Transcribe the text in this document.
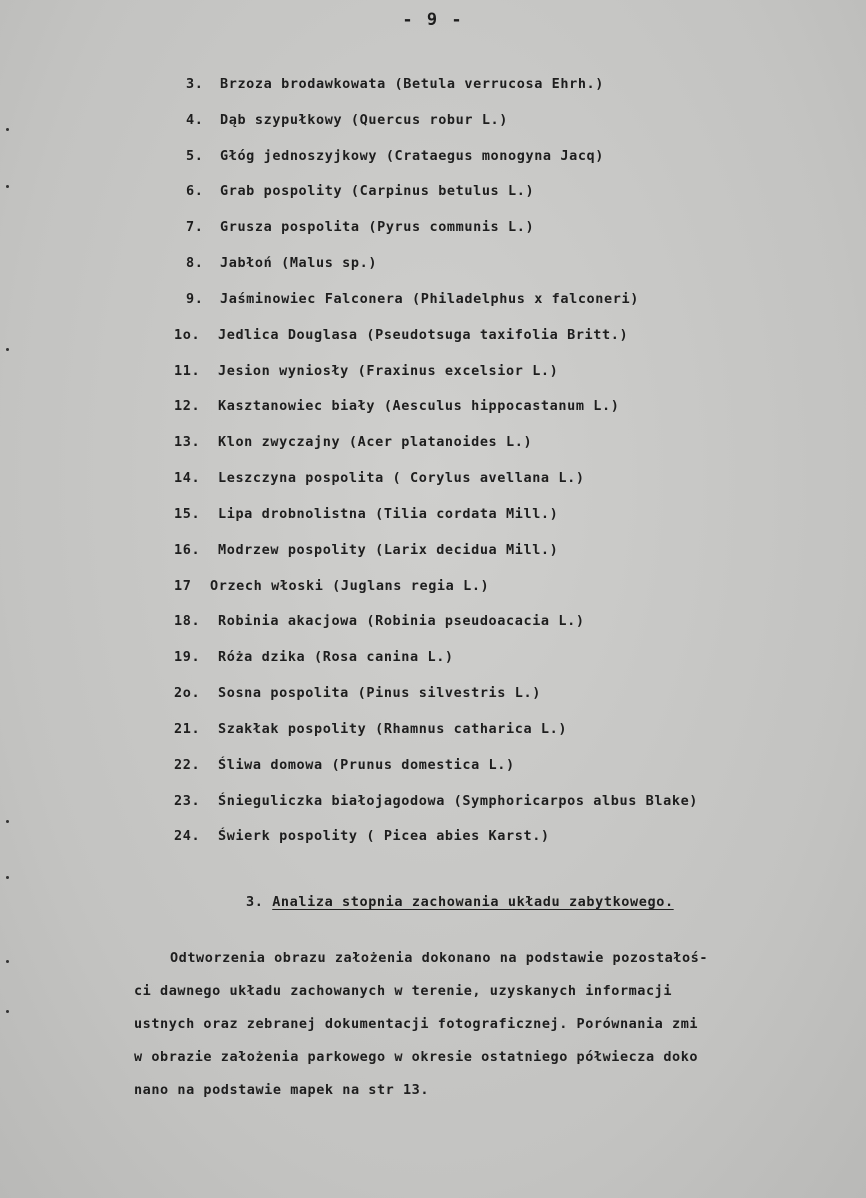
- 9 -
3. Brzoza brodawkowata (Betula verrucosa Ehrh.)
4. Dąb szypułkowy (Quercus robur L.)
5. Głóg jednoszyjkowy (Crataegus monogyna Jacq)
6. Grab pospolity (Carpinus betulus L.)
7. Grusza pospolita (Pyrus communis L.)
8. Jabłoń (Malus sp.)
9. Jaśminowiec Falconera (Philadelphus x falconeri)
1o. Jedlica Douglasa (Pseudotsuga taxifolia Britt.)
11. Jesion wyniosły (Fraxinus excelsior L.)
12. Kasztanowiec biały (Aesculus hippocastanum L.)
13. Klon zwyczajny (Acer platanoides L.)
14. Leszczyna pospolita ( Corylus avellana L.)
15. Lipa drobnolistna (Tilia cordata Mill.)
16. Modrzew pospolity (Larix decidua Mill.)
17 Orzech włoski (Juglans regia L.)
18. Robinia akacjowa (Robinia pseudoacacia L.)
19. Róża dzika (Rosa canina L.)
2o. Sosna pospolita (Pinus silvestris L.)
21. Szakłak pospolity (Rhamnus catharica L.)
22. Śliwa domowa (Prunus domestica L.)
23. Śnieguliczka białojagodowa (Symphoricarpos albus Blake)
24. Świerk pospolity ( Picea abies Karst.)
3. Analiza stopnia zachowania układu zabytkowego.

Odtworzenia obrazu założenia dokonano na podstawie pozostałoś-

ci dawnego układu zachowanych w terenie, uzyskanych informacji

ustnych oraz zebranej dokumentacji fotograficznej. Porównania zmi

w obrazie założenia parkowego w okresie ostatniego półwiecza doko

nano na podstawie mapek na str 13.
